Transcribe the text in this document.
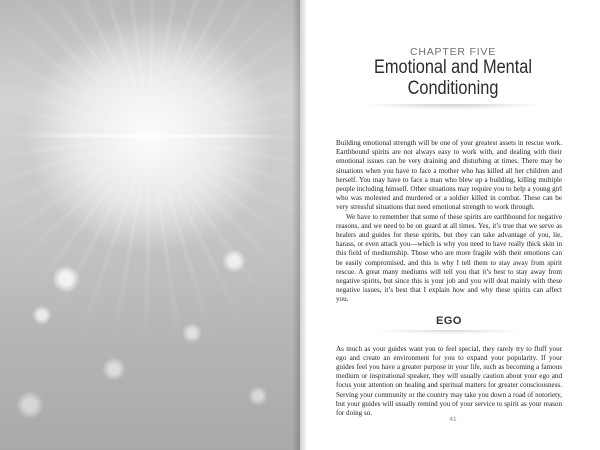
CHAPTER FIVE
Emotional and Mental
Conditioning

Building emotional strength will be one of your greatest assets in rescue work. Earthbound spirits are not always easy to work with, and dealing with their emotional issues can be very draining and disturbing at times. There may be situations when you have to face a mother who has killed all her children and herself. You may have to face a man who blew up a building, killing multiple people including himself. Other situations may require you to help a young girl who was molested and murdered or a soldier killed in combat. These can be very stressful situations that need emotional strength to work through.

We have to remember that some of these spirits are earthbound for negative reasons, and we need to be on guard at all times. Yes, it’s true that we serve as healers and guides for these spirits, but they can take advantage of you, lie, harass, or even attack you—which is why you need to have really thick skin in this field of mediumship. Those who are more fragile with their emotions can be easily compromised, and this is why I tell them to stay away from spirit rescue. A great many mediums will tell you that it’s best to stay away from negative spirits, but since this is your job and you will deal mainly with these negative issues, it’s best that I explain how and why these spirits can affect you.

EGO

As much as your guides want you to feel special, they rarely try to fluff your ego and create an environment for you to expand your popularity. If your guides feel you have a greater purpose in your life, such as becoming a famous medium or inspirational speaker, they will usually caution about your ego and focus your attention on healing and spiritual matters for greater consciousness. Serving your community or the country may take you down a road of notoriety, but your guides will usually remind you of your service to spirit as your reason for doing so.

41
